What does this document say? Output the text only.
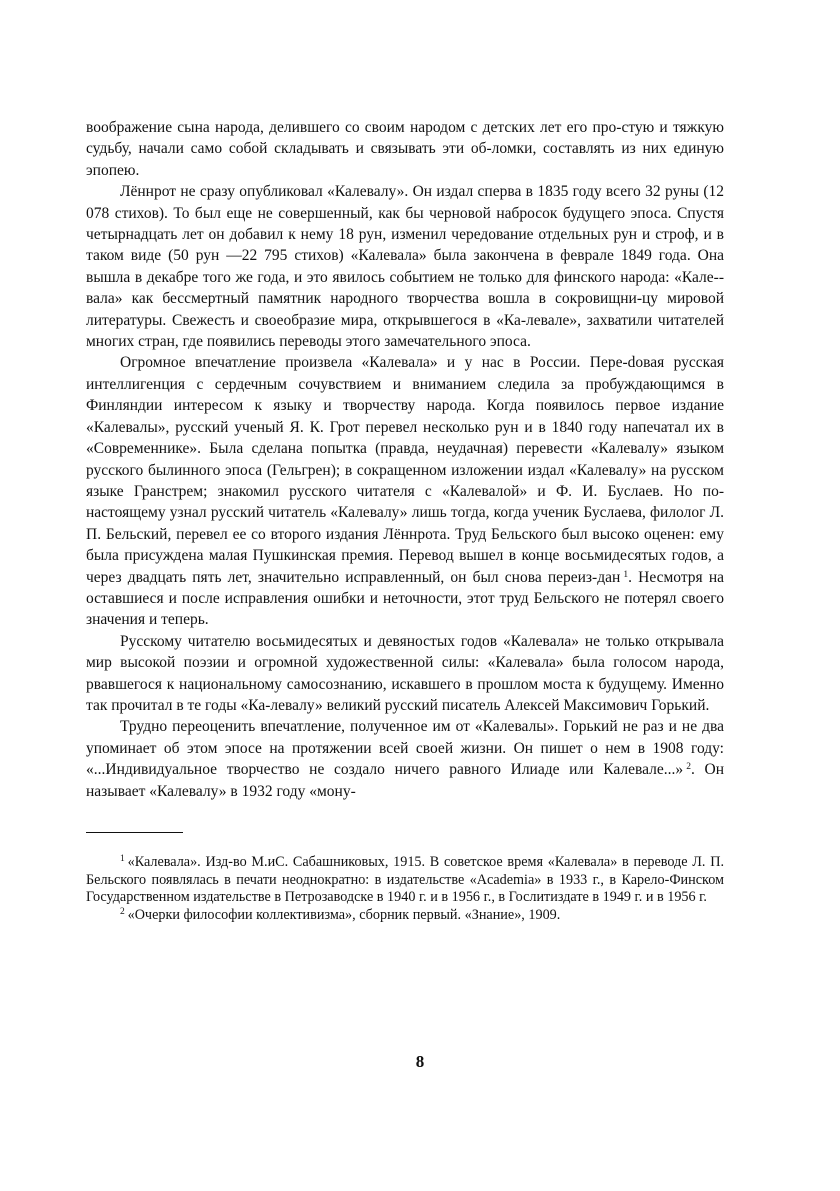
воображение сына народа, делившего со своим народом с детских лет его про-стую и тяжкую судьбу, начали само собой складывать и связывать эти об-ломки, составлять из них единую эпопею.

Лённрот не сразу опубликовал «Калевалу». Он издал сперва в 1835 году всего 32 руны (12 078 стихов). То был еще не совершенный, как бы черновой набросок будущего эпоса. Спустя четырнадцать лет он добавил к нему 18 рун, изменил чередование отдельных рун и строф, и в таком виде (50 рун —22 795 стихов) «Калевала» была закончена в феврале 1849 года. Она вышла в декабре того же года, и это явилось событием не только для финского народа: «Кале-вала» как бессмертный памятник народного творчества вошла в сокровищни-цу мировой литературы. Свежесть и своеобразие мира, открывшегося в «Ка-левале», захватили читателей многих стран, где появились переводы этого замечательного эпоса.

Огромное впечатление произвела «Калевала» и у нас в России. Пере-dовая русская интеллигенция с сердечным сочувствием и вниманием следила за пробуждающимся в Финляндии интересом к языку и творчеству народа. Когда появилось первое издание «Калевалы», русский ученый Я. К. Грот перевел несколько рун и в 1840 году напечатал их в «Современнике». Была сделана попытка (правда, неудачная) перевести «Калевалу» языком русского былинного эпоса (Гельгрен); в сокращенном изложении издал «Калевалу» на русском языке Гранстрем; знакомил русского читателя с «Калевалой» и Ф. И. Буслаев. Но по-настоящему узнал русский читатель «Калевалу» лишь тогда, когда ученик Буслаева, филолог Л. П. Бельский, перевел ее со второго издания Лённрота. Труд Бельского был высоко оценен: ему была присуждена малая Пушкинская премия. Перевод вышел в конце восьмидесятых годов, а через двадцать пять лет, значительно исправленный, он был снова переиз-дан  $^1$. Несмотря на оставшиеся и после исправления ошибки и неточности, этот труд Бельского не потерял своего значения и теперь.

Русскому читателю восьмидесятых и девяностых годов «Калевала» не только открывала мир высокой поэзии и огромной художественной силы: «Калевала» была голосом народа, рвавшегося к национальному самосознанию, искавшего в прошлом моста к будущему. Именно так прочитал в те годы «Ка-левалу» великий русский писатель Алексей Максимович Горький.

Трудно переоценить впечатление, полученное им от «Калевалы». Горький не раз и не два упоминает об этом эпосе на протяжении всей своей жизни. Он пишет о нем в 1908 году: «...Индивидуальное творчество не создало ничего равного Илиаде или Калевале...»  $^2$. Он называет «Калевалу» в 1932 году «мону-

$^1$  «Калевала». Изд-во М.иС. Сабашниковых, 1915. В советское время «Калевала» в переводе Л. П. Бельского появлялась в печати неоднократно: в издательстве «Academia» в 1933 г., в Карело-Финском Государственном издательстве в Петрозаводске в 1940 г. и в 1956 г., в Гослитиздате в 1949 г. и в 1956 г.

$^2$  «Очерки философии коллективизма», сборник первый. «Знание», 1909.

8
